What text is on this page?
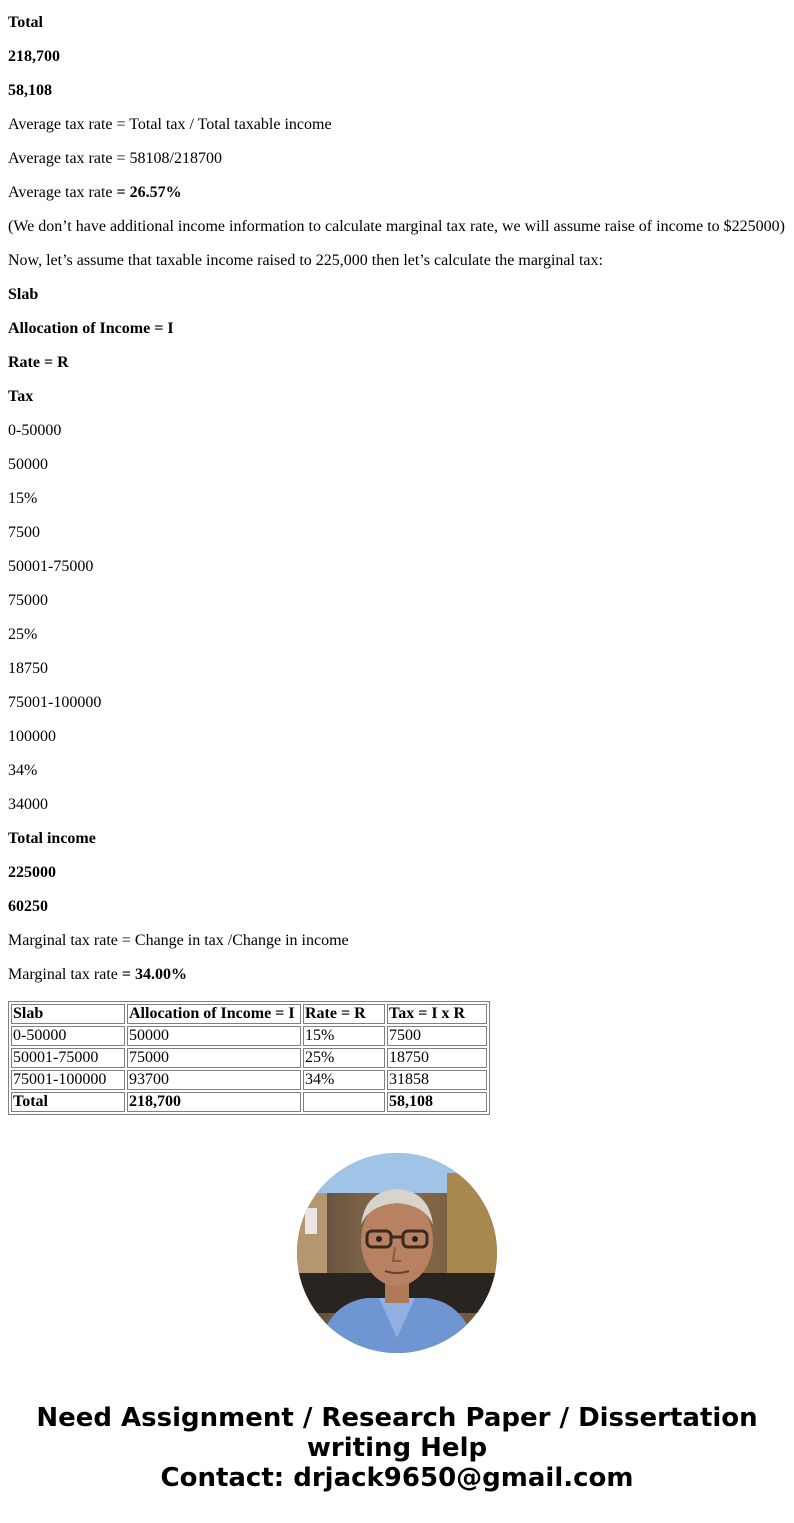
Total

218,700

58,108

Average tax rate = Total tax / Total taxable income

Average tax rate = 58108/218700

Average tax rate = 26.57%

(We don’t have additional income information to calculate marginal tax rate, we will assume raise of income to $225000)

Now, let’s assume that taxable income raised to 225,000 then let’s calculate the marginal tax:

Slab

Allocation of Income = I

Rate = R

Tax

0-50000

50000

15%

7500

50001-75000

75000

25%

18750

75001-100000

100000

34%

34000

Total income

225000

60250

Marginal tax rate = Change in tax /Change in income

Marginal tax rate = 34.00%

Slab	Allocation of Income = I	Rate = R	Tax = I x R
0-50000	50000	15%	7500
50001-75000	75000	25%	18750
75001-100000	93700	34%	31858
Total	218,700		58,108
Need Assignment / Research Paper / Dissertation
writing Help
Contact: drjack9650@gmail.com
